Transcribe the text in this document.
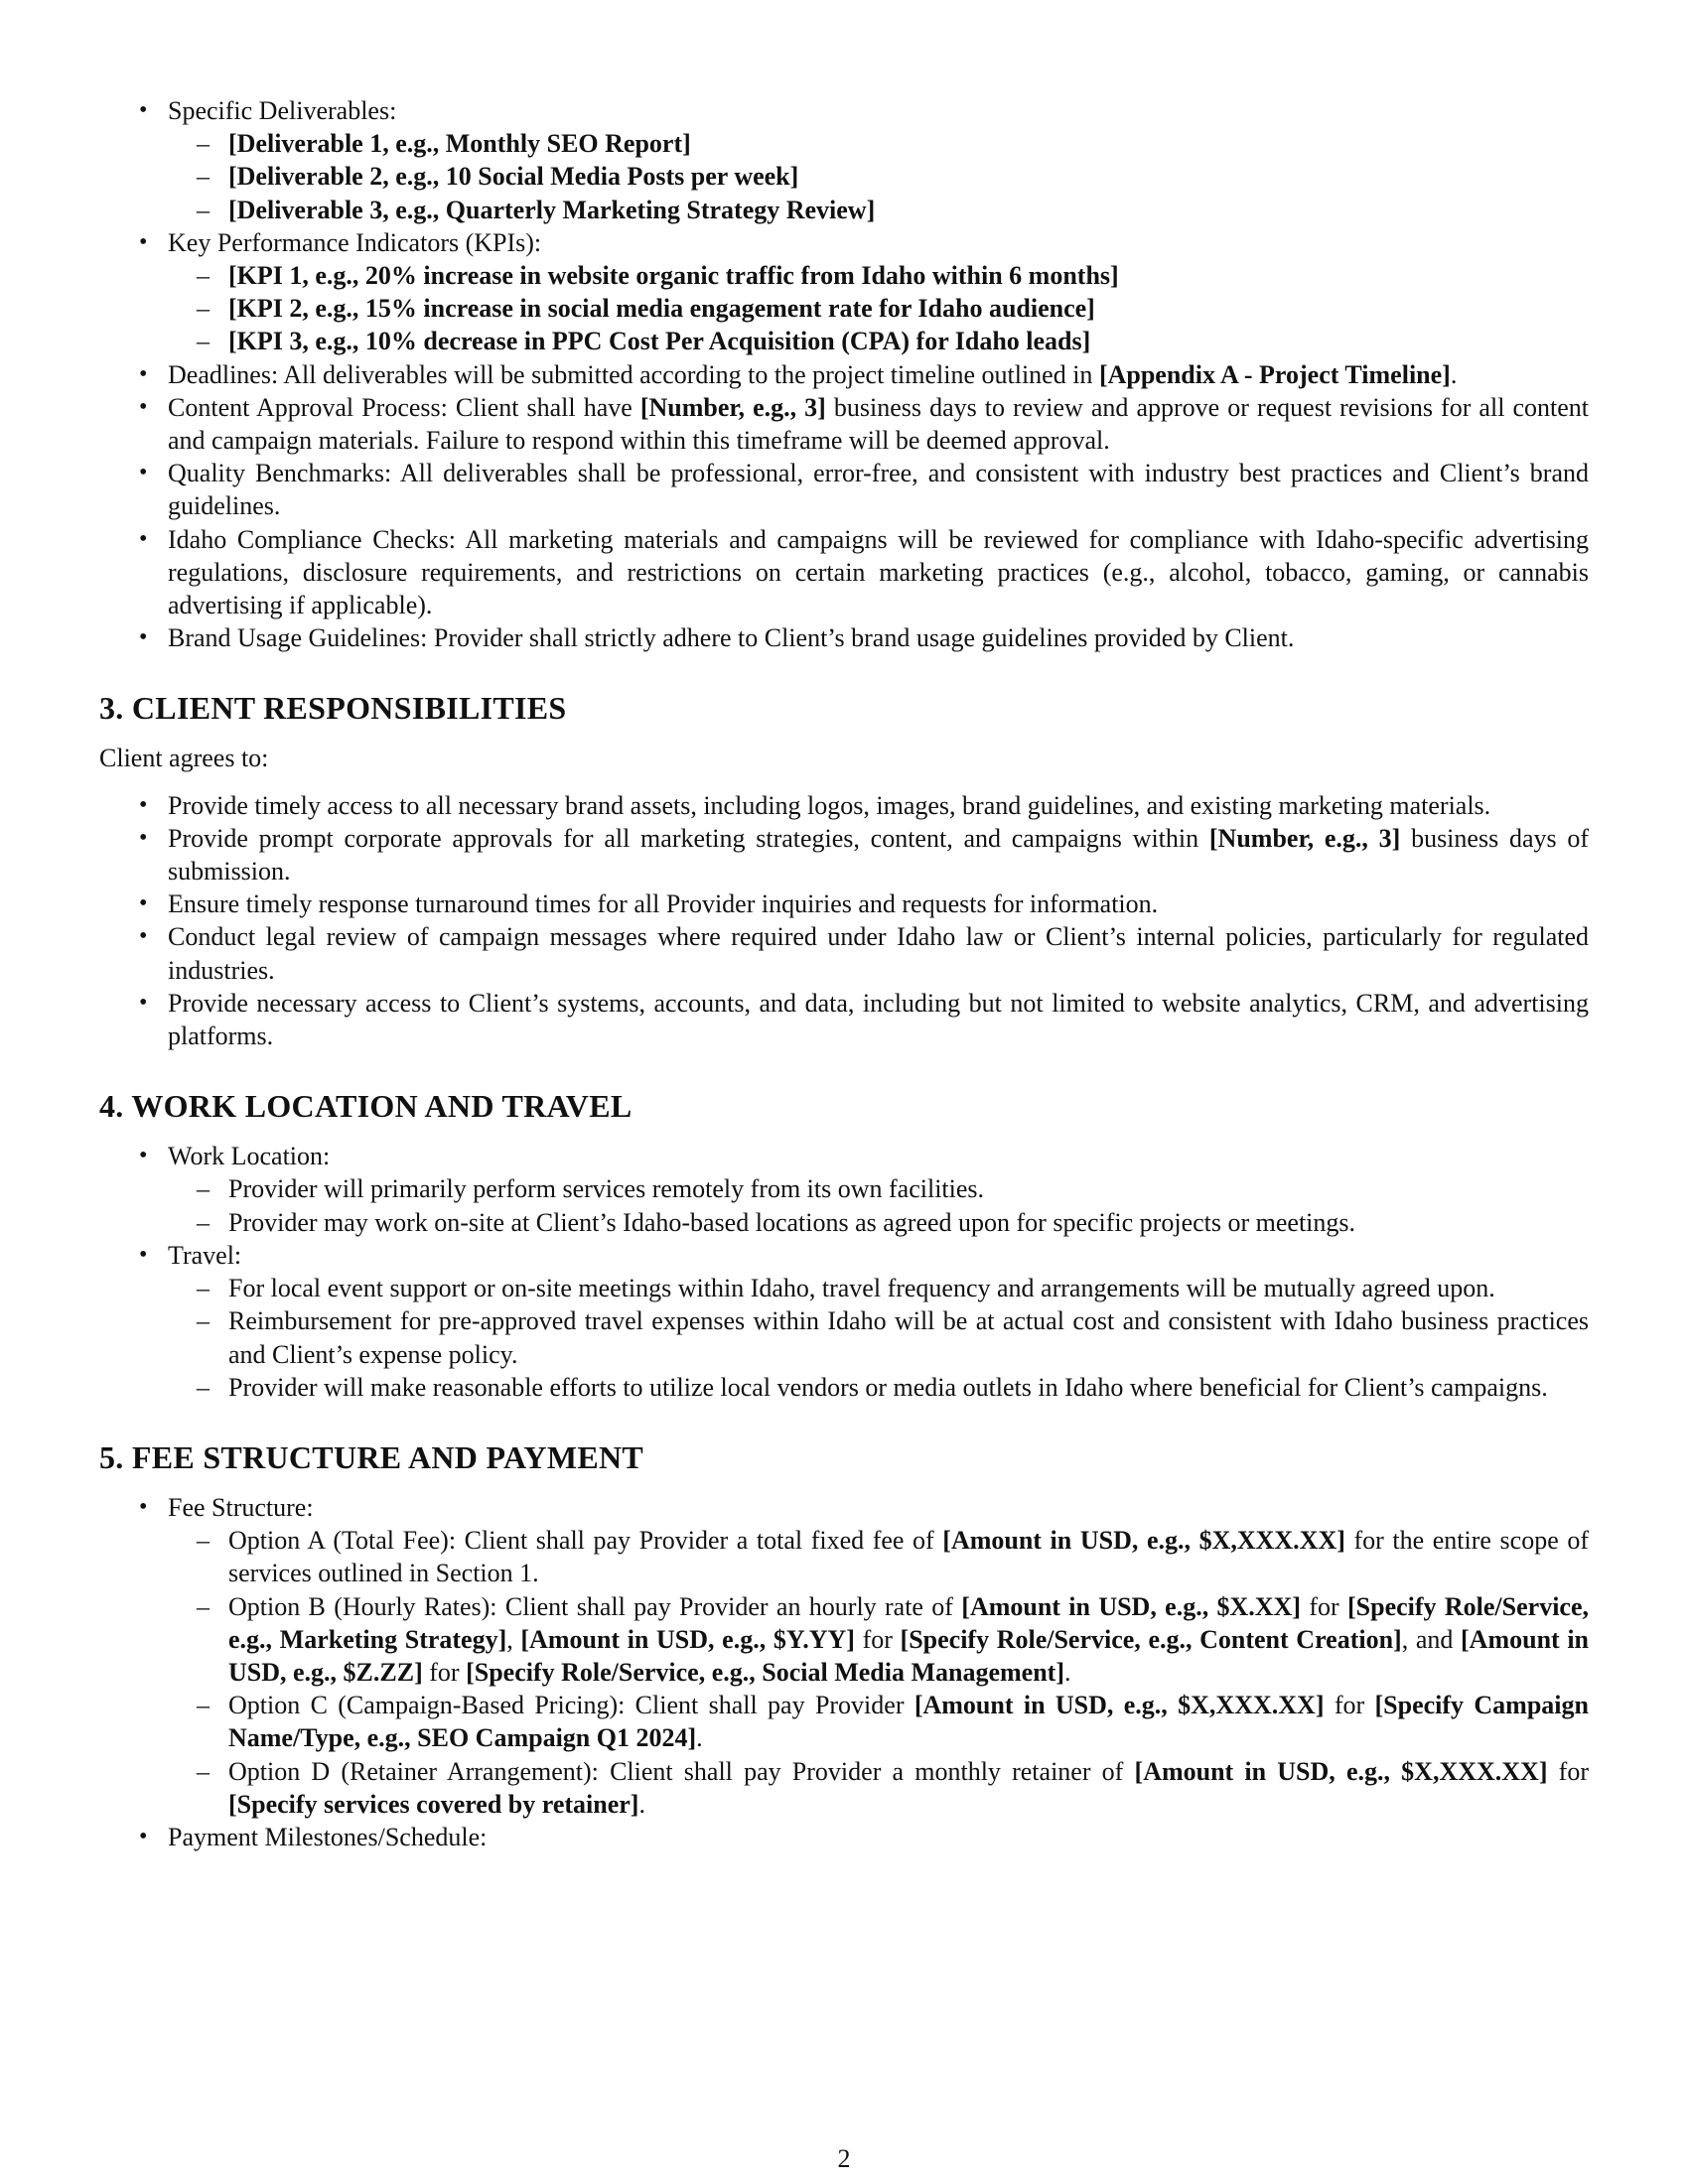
• Specific Deliverables:
– [Deliverable 1, e.g., Monthly SEO Report]
– [Deliverable 2, e.g., 10 Social Media Posts per week]
– [Deliverable 3, e.g., Quarterly Marketing Strategy Review]
• Key Performance Indicators (KPIs):
– [KPI 1, e.g., 20% increase in website organic traffic from Idaho within 6 months]
– [KPI 2, e.g., 15% increase in social media engagement rate for Idaho audience]
– [KPI 3, e.g., 10% decrease in PPC Cost Per Acquisition (CPA) for Idaho leads]
• Deadlines: All deliverables will be submitted according to the project timeline outlined in [Appendix A - Project Timeline].
• Content Approval Process: Client shall have [Number, e.g., 3] business days to review and approve or request revisions for all content and campaign materials. Failure to respond within this timeframe will be deemed approval.
• Quality Benchmarks: All deliverables shall be professional, error-free, and consistent with industry best practices and Client’s brand guidelines.
• Idaho Compliance Checks: All marketing materials and campaigns will be reviewed for compliance with Idaho-specific advertising regulations, disclosure requirements, and restrictions on certain marketing practices (e.g., alcohol, tobacco, gaming, or cannabis advertising if applicable).
• Brand Usage Guidelines: Provider shall strictly adhere to Client’s brand usage guidelines provided by Client.
3. CLIENT RESPONSIBILITIES

Client agrees to:

• Provide timely access to all necessary brand assets, including logos, images, brand guidelines, and existing marketing materials.
• Provide prompt corporate approvals for all marketing strategies, content, and campaigns within [Number, e.g., 3] business days of submission.
• Ensure timely response turnaround times for all Provider inquiries and requests for information.
• Conduct legal review of campaign messages where required under Idaho law or Client’s internal policies, particularly for regulated industries.
• Provide necessary access to Client’s systems, accounts, and data, including but not limited to website analytics, CRM, and advertising platforms.
4. WORK LOCATION AND TRAVEL
• Work Location:
– Provider will primarily perform services remotely from its own facilities.
– Provider may work on-site at Client’s Idaho-based locations as agreed upon for specific projects or meetings.
• Travel:
– For local event support or on-site meetings within Idaho, travel frequency and arrangements will be mutually agreed upon.
– Reimbursement for pre-approved travel expenses within Idaho will be at actual cost and consistent with Idaho business practices and Client’s expense policy.
– Provider will make reasonable efforts to utilize local vendors or media outlets in Idaho where beneficial for Client’s campaigns.
5. FEE STRUCTURE AND PAYMENT
• Fee Structure:
– Option A (Total Fee): Client shall pay Provider a total fixed fee of [Amount in USD, e.g., $X,XXX.XX] for the entire scope of services outlined in Section 1.
– Option B (Hourly Rates): Client shall pay Provider an hourly rate of [Amount in USD, e.g., $X.XX] for [Specify Role/Service, e.g., Marketing Strategy], [Amount in USD, e.g., $Y.YY] for [Specify Role/Service, e.g., Content Creation], and [Amount in USD, e.g., $Z.ZZ] for [Specify Role/Service, e.g., Social Media Management].
– Option C (Campaign-Based Pricing): Client shall pay Provider [Amount in USD, e.g., $X,XXX.XX] for [Specify Campaign Name/Type, e.g., SEO Campaign Q1 2024].
– Option D (Retainer Arrangement): Client shall pay Provider a monthly retainer of [Amount in USD, e.g., $X,XXX.XX] for [Specify services covered by retainer].
• Payment Milestones/Schedule:
2
